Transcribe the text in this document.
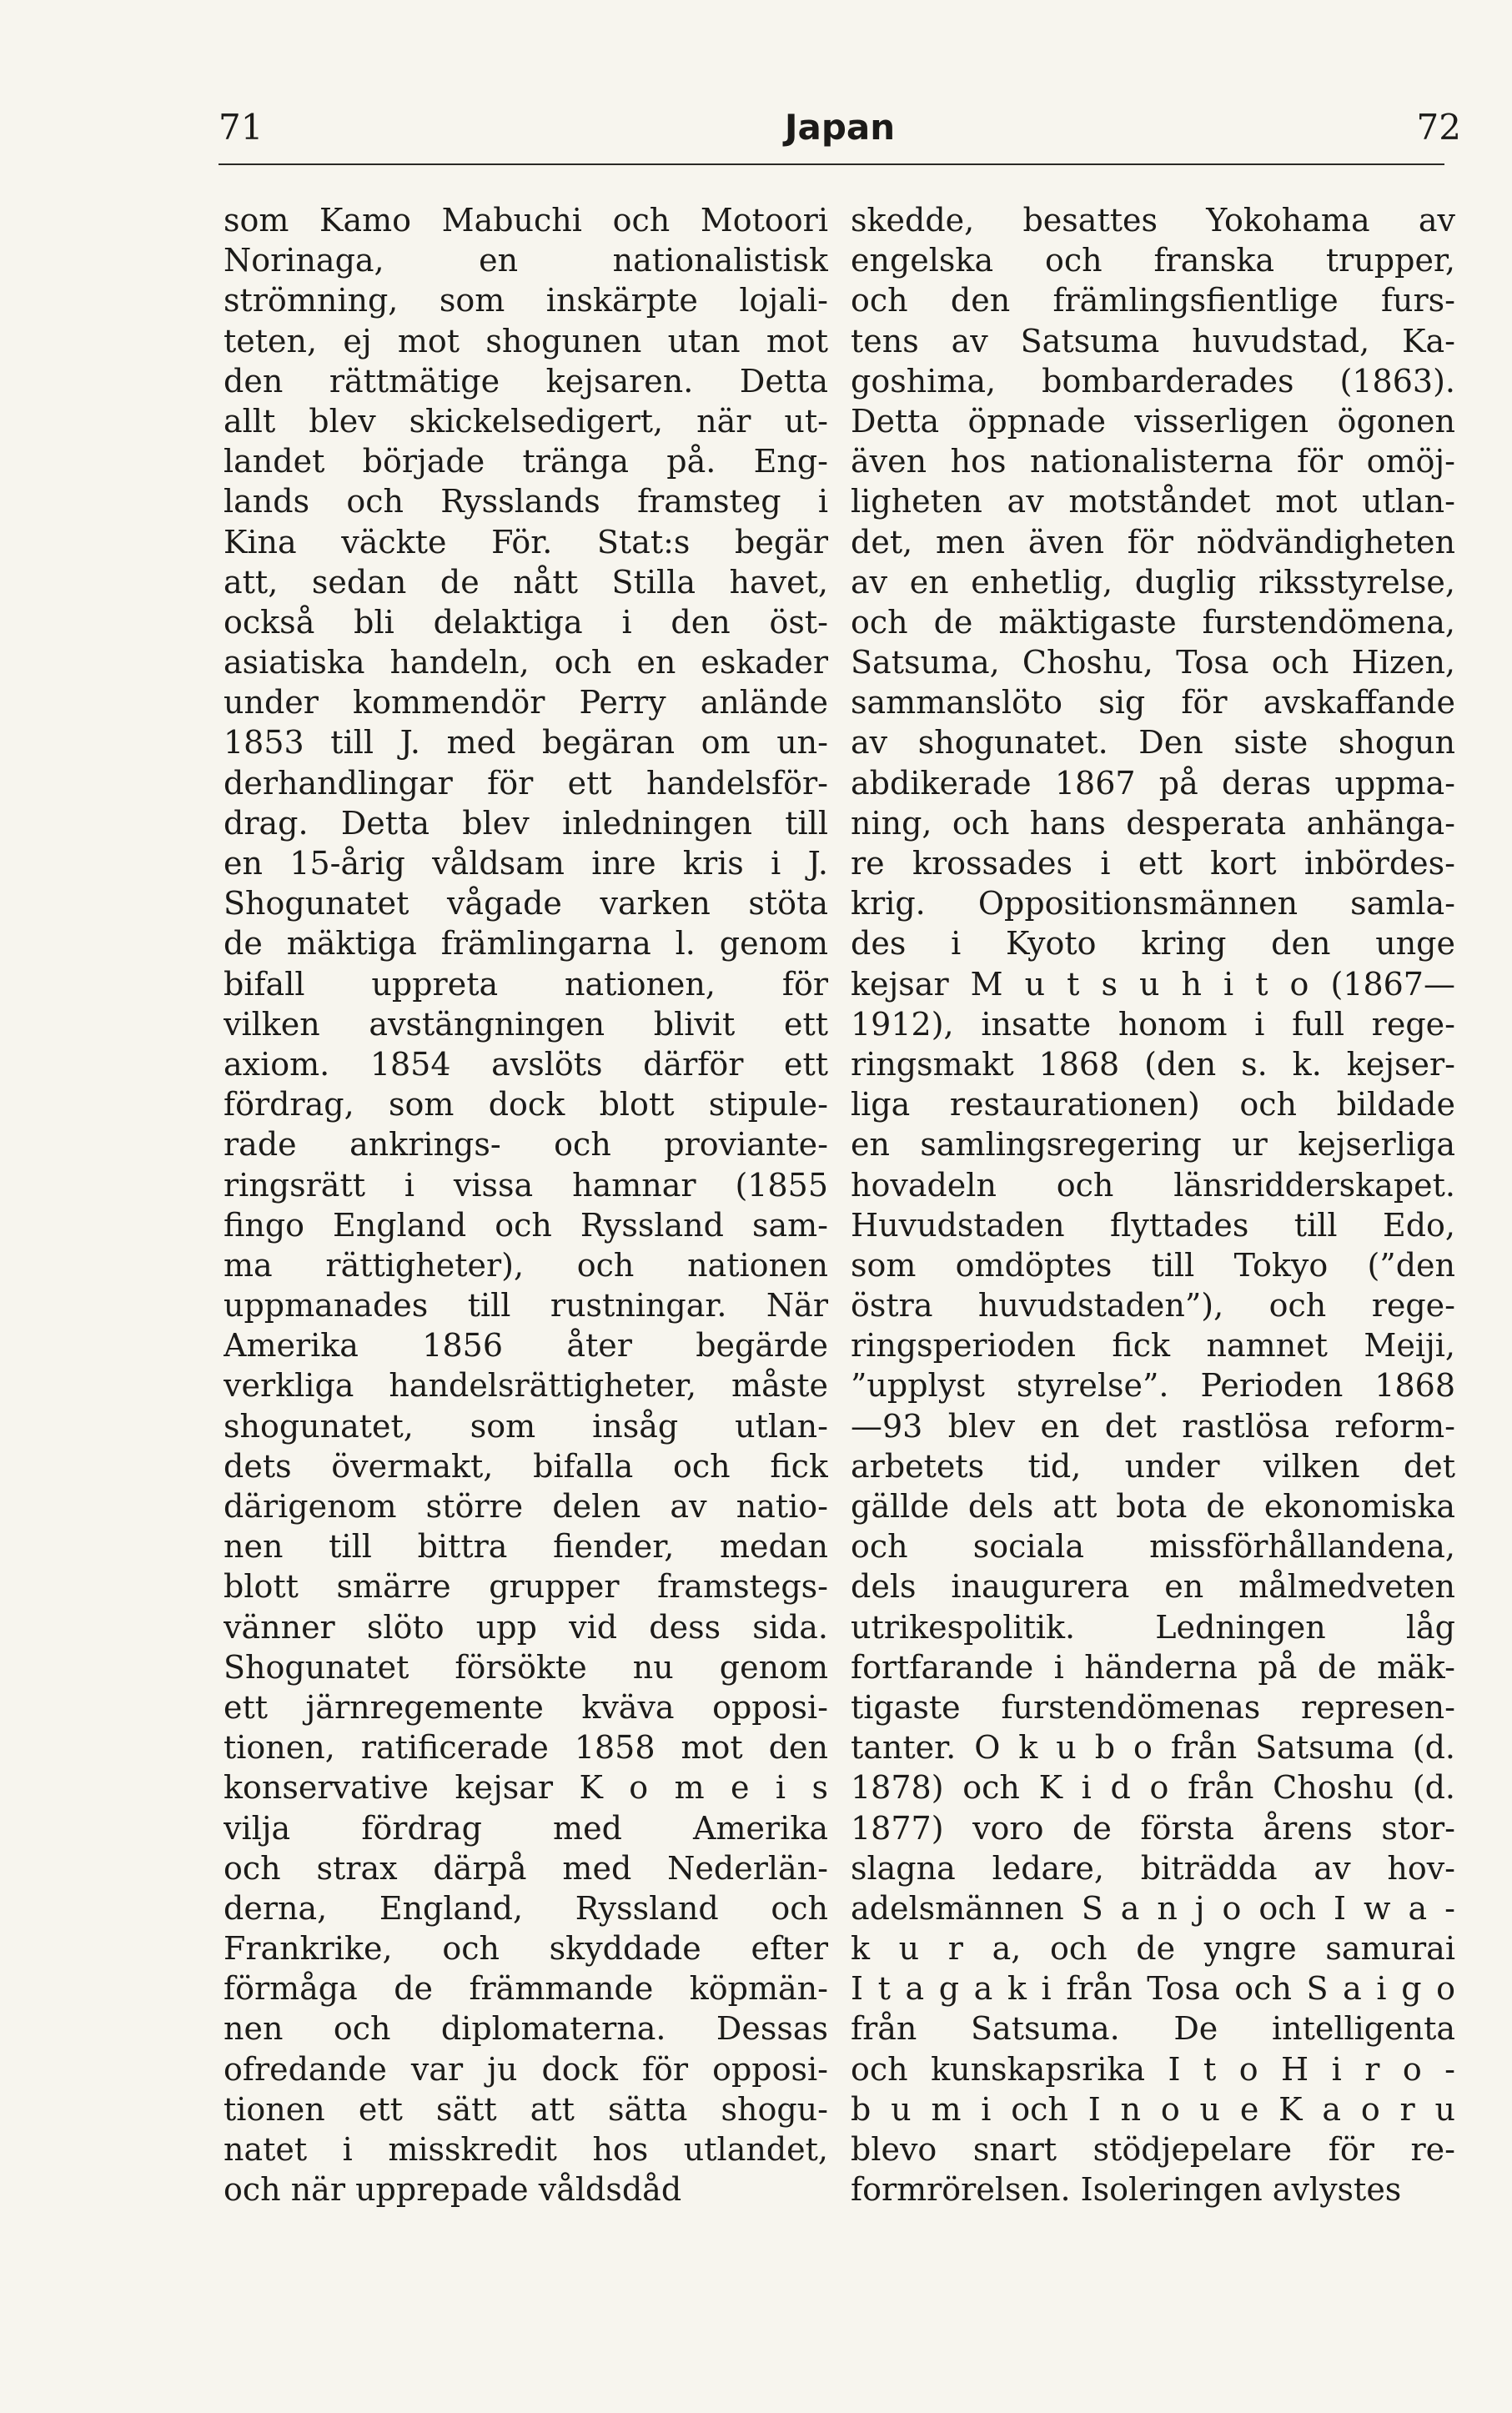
71	Japan	72
som Kamo Mabuchi och Motoori
Norinaga, en nationalistisk
strömning, som inskärpte lojali-
teten, ej mot shogunen utan mot
den rättmätige kejsaren. Detta
allt blev skickelsedigert, när ut-
landet började tränga på. Eng-
lands och Rysslands framsteg i
Kina väckte För. Stat:s begär
att, sedan de nått Stilla havet,
också bli delaktiga i den öst-
asiatiska handeln, och en eskader
under kommendör Perry anlände
1853 till J. med begäran om un-
derhandlingar för ett handelsför-
drag. Detta blev inledningen till
en 15-årig våldsam inre kris i J.
Shogunatet vågade varken stöta
de mäktiga främlingarna l. genom
bifall uppreta nationen, för
vilken avstängningen blivit ett
axiom. 1854 avslöts därför ett
fördrag, som dock blott stipule-
rade ankrings- och proviante-
ringsrätt i vissa hamnar (1855
fingo England och Ryssland sam-
ma rättigheter), och nationen
uppmanades till rustningar. När
Amerika 1856 åter begärde
verkliga handelsrättigheter, måste
shogunatet, som insåg utlan-
dets övermakt, bifalla och fick
därigenom större delen av natio-
nen till bittra fiender, medan
blott smärre grupper framstegs-
vänner slöto upp vid dess sida.
Shogunatet försökte nu genom
ett järnregemente kväva opposi-
tionen, ratificerade 1858 mot den
konservative kejsar K o m e i s
vilja fördrag med Amerika
och strax därpå med Nederlän-
derna, England, Ryssland och
Frankrike, och skyddade efter
förmåga de främmande köpmän-
nen och diplomaterna. Dessas
ofredande var ju dock för opposi-
tionen ett sätt att sätta shogu-
natet i misskredit hos utlandet,
och när upprepade våldsdåd
skedde, besattes Yokohama av
engelska och franska trupper,
och den främlingsfientlige furs-
tens av Satsuma huvudstad, Ka-
goshima, bombarderades (1863).
Detta öppnade visserligen ögonen
även hos nationalisterna för omöj-
ligheten av motståndet mot utlan-
det, men även för nödvändigheten
av en enhetlig, duglig riksstyrelse,
och de mäktigaste furstendömena,
Satsuma, Choshu, Tosa och Hizen,
sammanslöto sig för avskaffande
av shogunatet. Den siste shogun
abdikerade 1867 på deras uppma-
ning, och hans desperata anhänga-
re krossades i ett kort inbördes-
krig. Oppositionsmännen samla-
des i Kyoto kring den unge
kejsar M u t s u h i t o (1867—
1912), insatte honom i full rege-
ringsmakt 1868 (den s. k. kejser-
liga restaurationen) och bildade
en samlingsregering ur kejserliga
hovadeln och länsridderskapet.
Huvudstaden flyttades till Edo,
som omdöptes till Tokyo (”den
östra huvudstaden”), och rege-
ringsperioden fick namnet Meiji,
”upplyst styrelse”. Perioden 1868
—93 blev en det rastlösa reform-
arbetets tid, under vilken det
gällde dels att bota de ekonomiska
och sociala missförhållandena,
dels inaugurera en målmedveten
utrikespolitik. Ledningen låg
fortfarande i händerna på de mäk-
tigaste furstendömenas represen-
tanter. O k u b o från Satsuma (d.
1878) och K i d o från Choshu (d.
1877) voro de första årens stor-
slagna ledare, biträdda av hov-
adelsmännen S a n j o och I w a -
k u r a, och de yngre samurai
I t a g a k i från Tosa och S a i g o
från Satsuma. De intelligenta
och kunskapsrika I t o H i r o -
b u m i och I n o u e K a o r u
blevo snart stödjepelare för re-
formrörelsen. Isoleringen avlystes
